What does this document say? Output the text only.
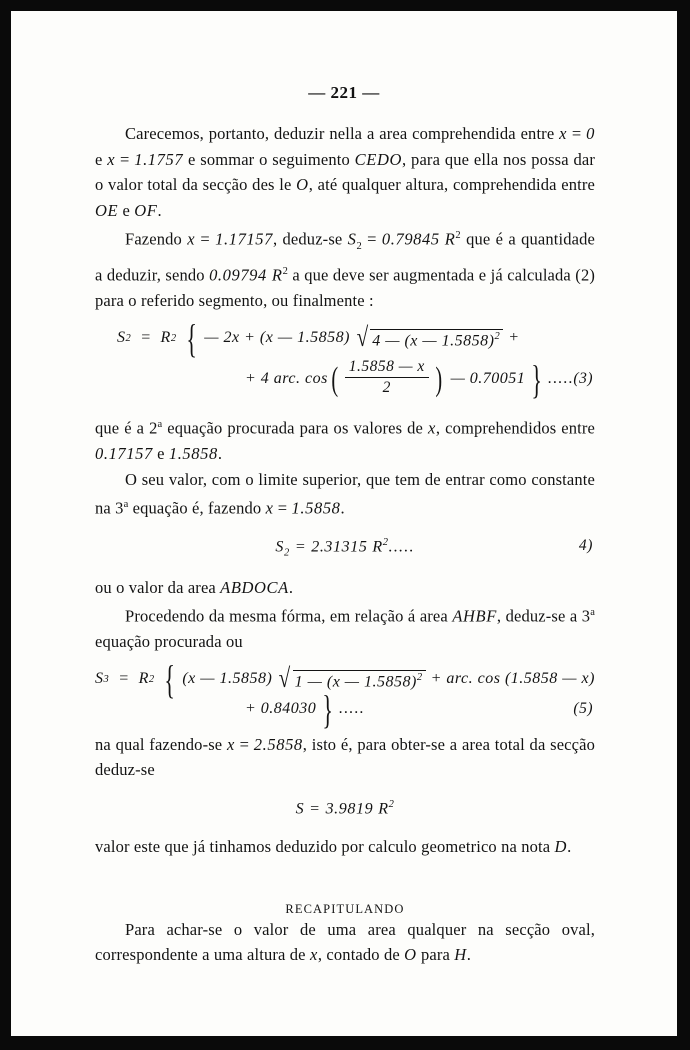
— 221 —

Carecemos, portanto, deduzir nella a area comprehendida entre x = 0 e x = 1.1757 e sommar o seguimento CEDO, para que ella nos possa dar o valor total da secção des le O, até qualquer altura, comprehendida entre OE e OF.

Fazendo x = 1.17157, deduz-se $S_2 = 0.79845$ $R^2$ que é a quantidade a deduzir, sendo 0.09794 $R^2$ a que deve ser augmentada e já calculada (2) para o referido segmento, ou finalmente :

S 2 = R 2 { — 2x + (x — 1.5858) √ 4 — (x — 1.5858)$^2$ +
+ 4 arc. cos ( $\frac{1.5858 — x}{2}$ ) — 0.70051 } ..... (3)

que é a 2$^a$ equação procurada para os valores de x, comprehendidos entre 0.17157 e 1.5858.

O seu valor, com o limite superior, que tem de entrar como constante na 3$^a$ equação é, fazendo x = 1.5858.

$S_2 = 2.31315$ $R^2$.....	4)

ou o valor da area ABDOCA.

Procedendo da mesma fórma, em relação á area AHBF, deduz-se a 3$^a$ equação procurada ou

S 3 = R 2 { (x — 1.5858) √ 1 — (x — 1.5858)$^2$ + arc. cos (1.5858 — x)
+ 0.84030 } .....	(5)

na qual fazendo-se x = 2.5858, isto é, para obter-se a area total da secção deduz-se

S = 3.9819 $R^2$

valor este que já tinhamos deduzido por calculo geometrico na nota D.

RECAPITULANDO

Para achar-se o valor de uma area qualquer na secção oval, correspondente a uma altura de x, contado de O para H.
